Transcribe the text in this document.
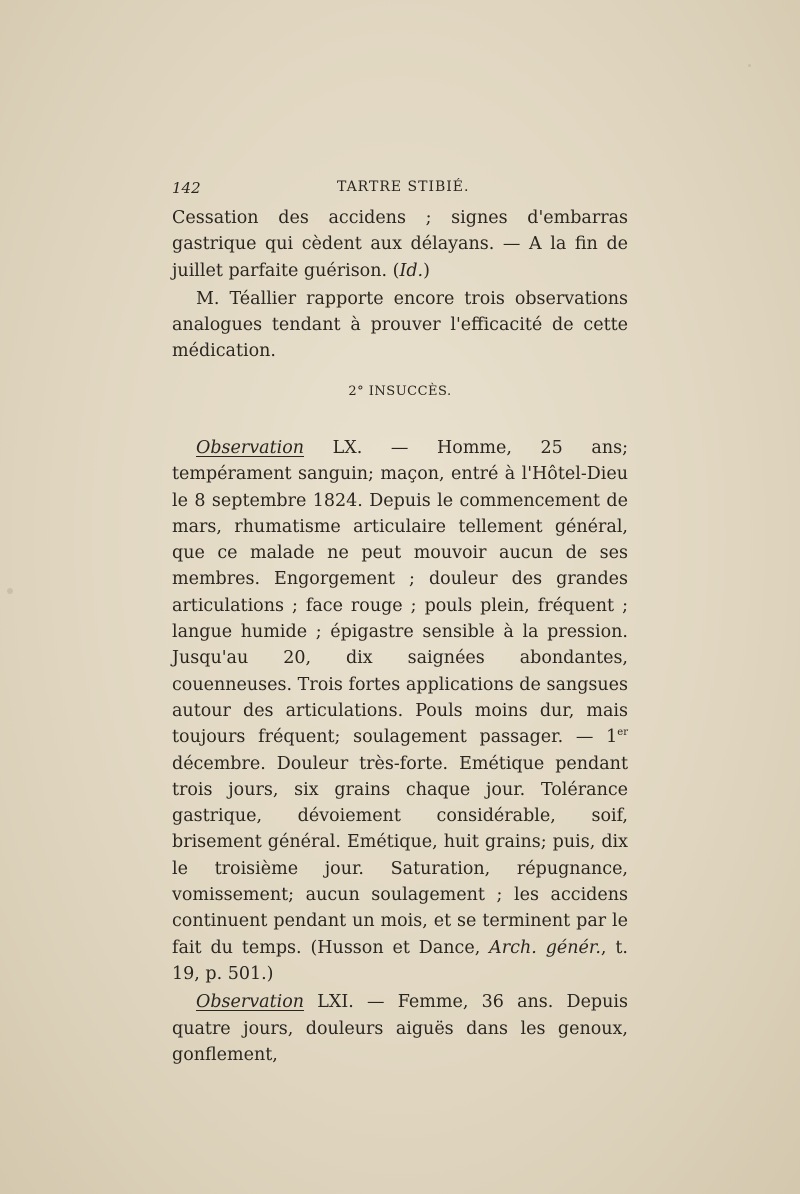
142	TARTRE STIBIÉ.

Cessation des accidens ; signes d'embarras gastrique qui cèdent aux délayans. — A la fin de juillet parfaite guérison. (Id.)

M. Téallier rapporte encore trois observations analogues tendant à prouver l'efficacité de cette médication.

2° INSUCCÈS.

Observation LX. — Homme, 25 ans; tempérament sanguin; maçon, entré à l'Hôtel-Dieu le 8 septembre 1824. Depuis le commencement de mars, rhumatisme articulaire tellement général, que ce malade ne peut mouvoir aucun de ses membres. Engorgement ; douleur des grandes articulations ; face rouge ; pouls plein, fréquent ; langue humide ; épigastre sensible à la pression. Jusqu'au 20, dix saignées abondantes, couenneuses. Trois fortes applications de sangsues autour des articulations. Pouls moins dur, mais toujours fréquent; soulagement passager. — 1er décembre. Douleur très-forte. Emétique pendant trois jours, six grains chaque jour. Tolérance gastrique, dévoiement considérable, soif, brisement général. Emétique, huit grains; puis, dix le troisième jour. Saturation, répugnance, vomissement; aucun soulagement ; les accidens continuent pendant un mois, et se terminent par le fait du temps. (Husson et Dance, Arch. génér., t. 19, p. 501.)

Observation LXI. — Femme, 36 ans. Depuis quatre jours, douleurs aiguës dans les genoux, gonflement,
